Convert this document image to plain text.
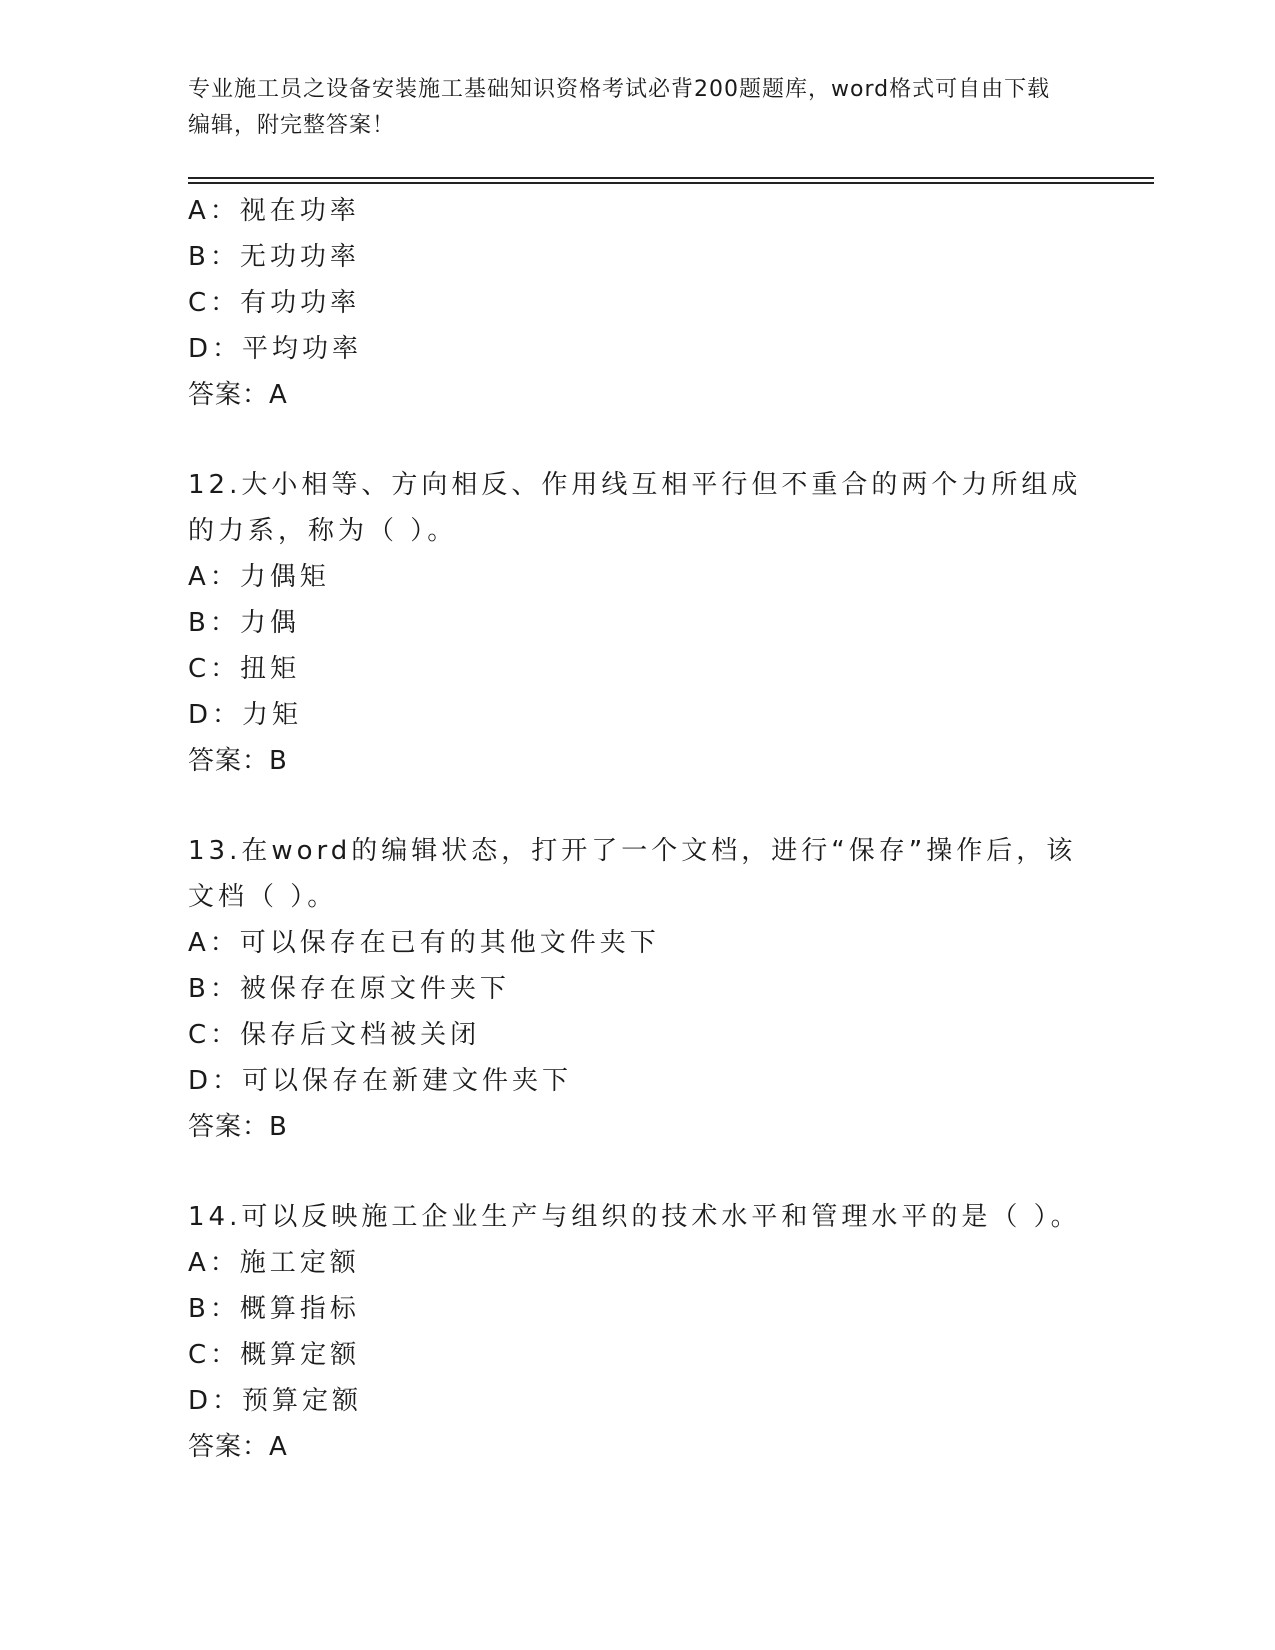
专业施工员之设备安装施工基础知识资格考试必背200题题库，word格式可自由下载编辑，附完整答案！
A：视在功率
B：无功功率
C：有功功率
D：平均功率
答案：A
12.大小相等、方向相反、作用线互相平行但不重合的两个力所组成的力系，称为（ ）。
A：力偶矩
B：力偶
C：扭矩
D：力矩
答案：B
13.在word的编辑状态，打开了一个文档，进行“保存”操作后，该文档（ ）。
A：可以保存在已有的其他文件夹下
B：被保存在原文件夹下
C：保存后文档被关闭
D：可以保存在新建文件夹下
答案：B
14.可以反映施工企业生产与组织的技术水平和管理水平的是（ ）。
A：施工定额
B：概算指标
C：概算定额
D：预算定额
答案：A
